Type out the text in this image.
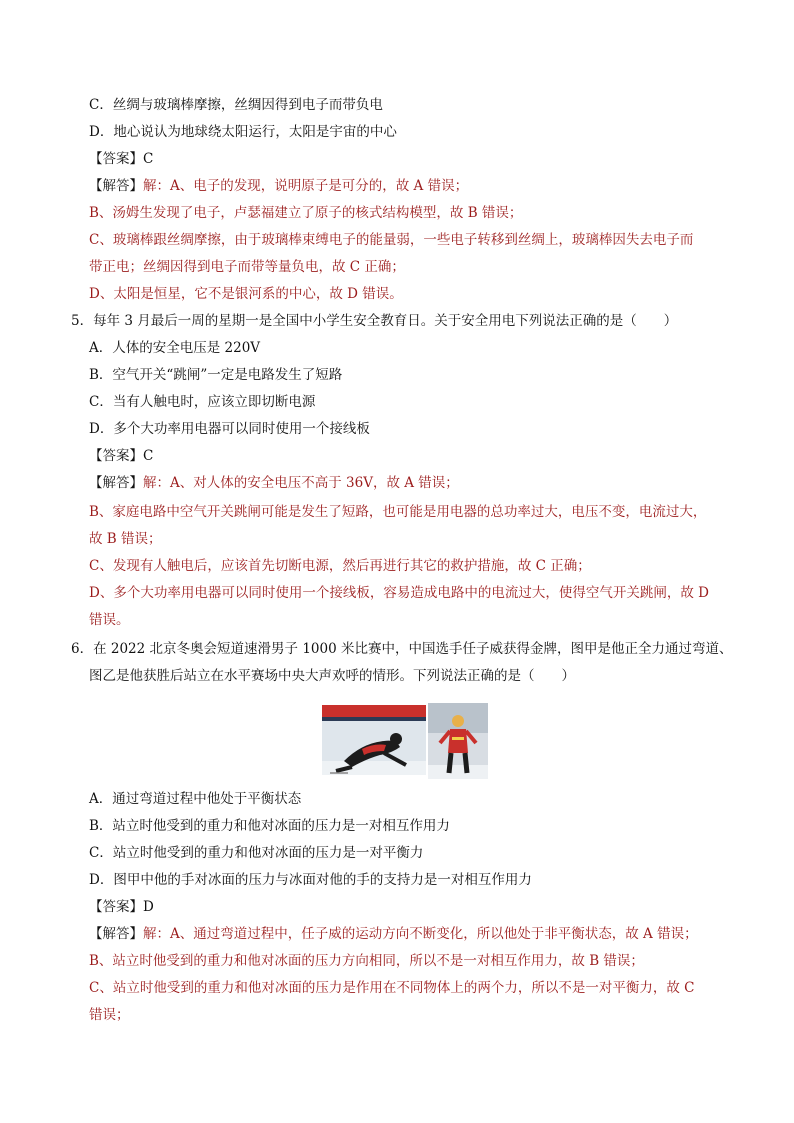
C．丝绸与玻璃棒摩擦，丝绸因得到电子而带负电
D．地心说认为地球绕太阳运行，太阳是宇宙的中心
【答案】C
【解答】解：A、电子的发现，说明原子是可分的，故 A 错误；
B、汤姆生发现了电子，卢瑟福建立了原子的核式结构模型，故 B 错误；
C、玻璃棒跟丝绸摩擦，由于玻璃棒束缚电子的能量弱，一些电子转移到丝绸上，玻璃棒因失去电子而
带正电；丝绸因得到电子而带等量负电，故 C 正确；
D、太阳是恒星，它不是银河系的中心，故 D 错误。
5．每年 3 月最后一周的星期一是全国中小学生安全教育日。关于安全用电下列说法正确的是（　　）
A．人体的安全电压是 220V
B．空气开关“跳闸”一定是电路发生了短路
C．当有人触电时，应该立即切断电源
D．多个大功率用电器可以同时使用一个接线板
【答案】C
【解答】解：A、对人体的安全电压不高于 36V，故 A 错误；
B、家庭电路中空气开关跳闸可能是发生了短路，也可能是用电器的总功率过大，电压不变，电流过大，
故 B 错误；
C、发现有人触电后，应该首先切断电源，然后再进行其它的救护措施，故 C 正确；
D、多个大功率用电器可以同时使用一个接线板，容易造成电路中的电流过大，使得空气开关跳闸，故 D
错误。
6．在 2022 北京冬奥会短道速滑男子 1000 米比赛中，中国选手任子威获得金牌，图甲是他正全力通过弯道、
图乙是他获胜后站立在水平赛场中央大声欢呼的情形。下列说法正确的是（　　）
A．通过弯道过程中他处于平衡状态
B．站立时他受到的重力和他对冰面的压力是一对相互作用力
C．站立时他受到的重力和他对冰面的压力是一对平衡力
D．图甲中他的手对冰面的压力与冰面对他的手的支持力是一对相互作用力
【答案】D
【解答】解：A、通过弯道过程中，任子威的运动方向不断变化，所以他处于非平衡状态，故 A 错误；
B、站立时他受到的重力和他对冰面的压力方向相同，所以不是一对相互作用力，故 B 错误；
C、站立时他受到的重力和他对冰面的压力是作用在不同物体上的两个力，所以不是一对平衡力，故 C
错误；
